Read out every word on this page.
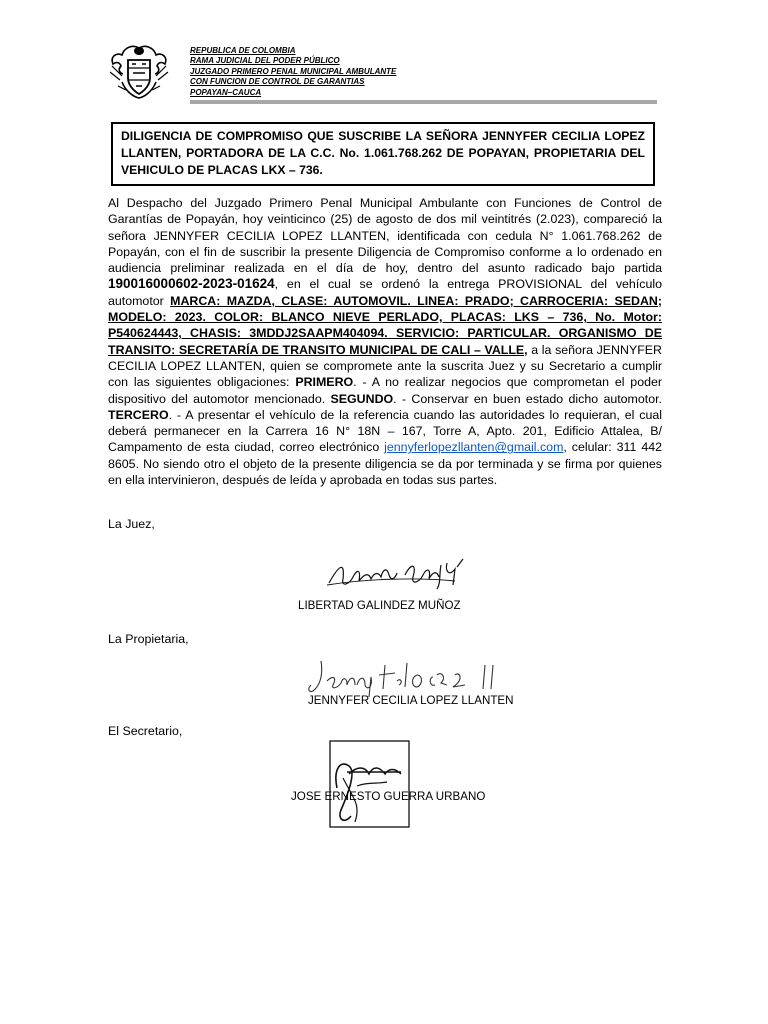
REPUBLICA DE COLOMBIA
RAMA JUDICIAL DEL PODER PÚBLICO
JUZGADO PRIMERO PENAL MUNICIPAL AMBULANTE
CON FUNCION DE CONTROL DE GARANTIAS
POPAYAN–CAUCA
DILIGENCIA DE COMPROMISO QUE SUSCRIBE LA SEÑORA JENNYFER CECILIA LOPEZ LLANTEN, PORTADORA DE LA C.C. No. 1.061.768.262 DE POPAYAN, PROPIETARIA DEL VEHICULO DE PLACAS LKX – 736.
Al Despacho del Juzgado Primero Penal Municipal Ambulante con Funciones de Control de Garantías de Popayán, hoy veinticinco (25) de agosto de dos mil veintitrés (2.023), compareció la señora JENNYFER CECILIA LOPEZ LLANTEN, identificada con cedula N° 1.061.768.262 de Popayán, con el fin de suscribir la presente Diligencia de Compromiso conforme a lo ordenado en audiencia preliminar realizada en el día de hoy, dentro del asunto radicado bajo partida 190016000602-2023-01624, en el cual se ordenó la entrega PROVISIONAL del vehículo automotor MARCA: MAZDA, CLASE: AUTOMOVIL. LINEA: PRADO; CARROCERIA: SEDAN; MODELO: 2023. COLOR: BLANCO NIEVE PERLADO, PLACAS: LKS – 736, No. Motor: P540624443, CHASIS: 3MDDJ2SAAPM404094. SERVICIO: PARTICULAR. ORGANISMO DE TRANSITO: SECRETARÍA DE TRANSITO MUNICIPAL DE CALI – VALLE, a la señora JENNYFER CECILIA LOPEZ LLANTEN, quien se compromete ante la suscrita Juez y su Secretario a cumplir con las siguientes obligaciones: PRIMERO. - A no realizar negocios que comprometan el poder dispositivo del automotor mencionado. SEGUNDO. - Conservar en buen estado dicho automotor. TERCERO. - A presentar el vehículo de la referencia cuando las autoridades lo requieran, el cual deberá permanecer en la Carrera 16 N° 18N – 167, Torre A, Apto. 201, Edificio Attalea, B/ Campamento de esta ciudad, correo electrónico jennyferlopezllanten@gmail.com, celular: 311 442 8605. No siendo otro el objeto de la presente diligencia se da por terminada y se firma por quienes en ella intervinieron, después de leída y aprobada en todas sus partes.
La Juez,
LIBERTAD GALINDEZ MUÑOZ
La Propietaria,
JENNYFER CECILIA LOPEZ LLANTEN
El Secretario,
JOSE ERNESTO GUERRA URBANO
